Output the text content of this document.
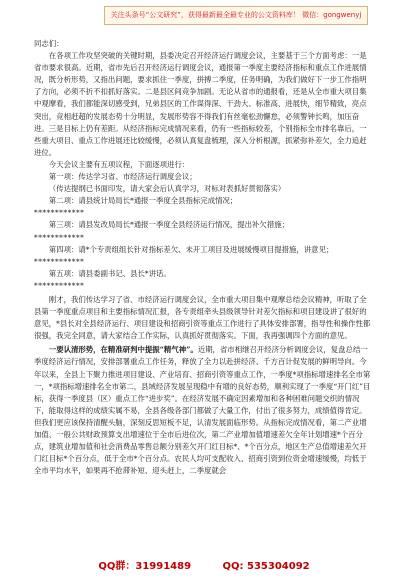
关注头条号“公文研究”，获得最新最全最专业的公文资料库！ 微信：gongwenyj

同志们：

在各项工作攻坚突破的关键时期，县委决定召开经济运行调度会议，主要基于三个方面考虑：一是省市要求很高。近期，省市先后召开经济运行调度会议，通报第一季度主要经济指标和重点工作进展情况，既分析形势，又指出问题，要求抓住一季度，拼搏二季度，任务明确，为我们做好下一步工作指明了方向，必须不折不扣抓好落实。二是县区间竞争加剧。无论从省市的通报看，还是从全市重大项目集中观摩看，我们都能深切感受到，兄弟县区的工作谋得深、干劲大、标准高、进展快，细节精致，亮点突出，竞相赶超的发展态势十分明显，发展形势容不得我们有丝毫松劲懈怠，必须警钟长鸣，加压奋进。三是目标上仍有差距。从经济指标完成情况来看，仍有一些指标较差，个别指标全市排名靠后，一些重大项目、重点工作进展还比较缓慢，必须认真复盘梳理，深入分析根源，抓紧弥补差欠，全力追赶进位。

今天会议主要有五项议程，下面逐项进行：

第一项：传达学习省、市经济运行调度会议；

（传达提纲已书面印发，请大家会后认真学习，对标对表抓好贯彻落实）

第二项：请县统计局局长*通报一季度全县指标完成情况；

************

第三项：请县发改局局长*通报一季度全县经济运行情况，提出补欠措施；

************

第四项：请*个专责组组长针对指标差欠、未开工项目及进展缓慢项目提措施，讲意见；

************

第五项：请县委副书记、县长*讲话。

************

刚才，我们传达学习了省、市经济运行调度会议，全市重大项目集中观摩总结会议精神，听取了全县第一季度重点项目和主要指标情况汇报，各专责组牵头县级领导针对差欠指标和项目建设讲了很好的意见，*县长对全县经济运行、项目建设和招商引资等重点工作进行了具体安排部署，指导性和操作性都很强，我完全同意，请大家结合工作实际，认真抓好贯彻落实。下面，我再强调四个方面的意见。

一要认清形势，在精准研判中提振“精气神”。近期，省市相继召开经济分析调度会议，复盘总结一季度经济运行情况，安排部署重点工作任务，释放了全力以赴拼经济、千方百计促发展的鲜明导向。今年以来，全县上下聚力推进项目建设、产业培育、招商引资等重点工作，一季度*项指标增速排名全市第一，*项指标增速排名全市第二，县域经济发展呈现稳中有增的良好态势，顺利实现了一季度“开门红”目标，获得一季度县（区）重点工作“进步奖”。在经济发展不确定因素增加和各种困难问题交织的情况下，能取得这样的成绩实属不易，全县各级各部门都做了大量工作，付出了很多努力，成绩值得肯定。但我们更应该保持清醒头脑，深刻反思短板不足，认清发展面临形势。从指标完成情况看，第二产业增加值、一般公共财政预算支出增速位于全市后进位次，第二产业增加值增速差欠全年计划增速*个百分点，建筑业增加值和社会消费品零售总额分别差欠开门红目标*、*个百分点，地区生产总值增速差欠开门红目标*个百分点，低于全市*个百分点。农民人均可支配收入、招商引资到位资金增速缓慢，均低于全市平均水平，如果再不抢滞补短、迎头赶上，二季度就会

QQ群：31991489	QQ: 535304092
